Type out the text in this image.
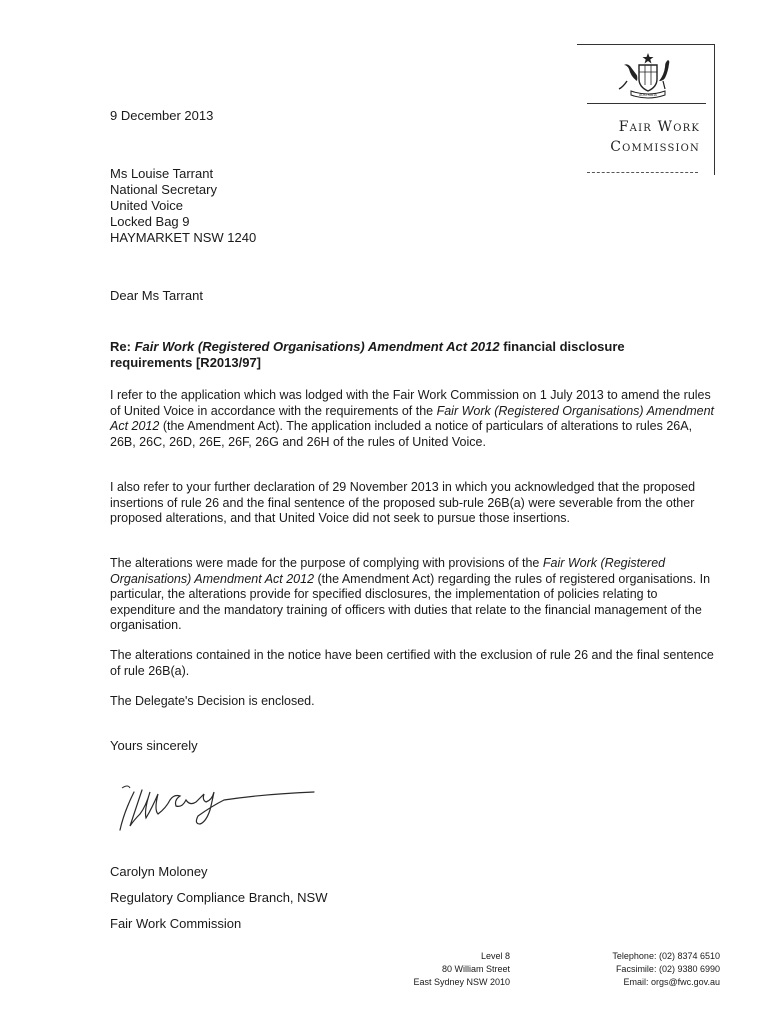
AUSTRALIA
Fair Work
Commission
9 December 2013
Ms Louise Tarrant
National Secretary
United Voice
Locked Bag 9
HAYMARKET NSW 1240
Dear Ms Tarrant
Re: Fair Work (Registered Organisations) Amendment Act 2012 financial disclosure requirements [R2013/97]
I refer to the application which was lodged with the Fair Work Commission on 1 July 2013 to amend the rules of United Voice in accordance with the requirements of the Fair Work (Registered Organisations) Amendment Act 2012 (the Amendment Act). The application included a notice of particulars of alterations to rules 26A, 26B, 26C, 26D, 26E, 26F, 26G and 26H of the rules of United Voice.
I also refer to your further declaration of 29 November 2013 in which you acknowledged that the proposed insertions of rule 26 and the final sentence of the proposed sub-rule 26B(a) were severable from the other proposed alterations, and that United Voice did not seek to pursue those insertions.
The alterations were made for the purpose of complying with provisions of the Fair Work (Registered Organisations) Amendment Act 2012 (the Amendment Act) regarding the rules of registered organisations. In particular, the alterations provide for specified disclosures, the implementation of policies relating to expenditure and the mandatory training of officers with duties that relate to the financial management of the organisation.
The alterations contained in the notice have been certified with the exclusion of rule 26 and the final sentence of rule 26B(a).
The Delegate's Decision is enclosed.
Yours sincerely
Carolyn Moloney
Regulatory Compliance Branch, NSW
Fair Work Commission
Level 8
80 William Street
East Sydney NSW 2010
Telephone: (02) 8374 6510
Facsimile: (02) 9380 6990
Email: orgs@fwc.gov.au
